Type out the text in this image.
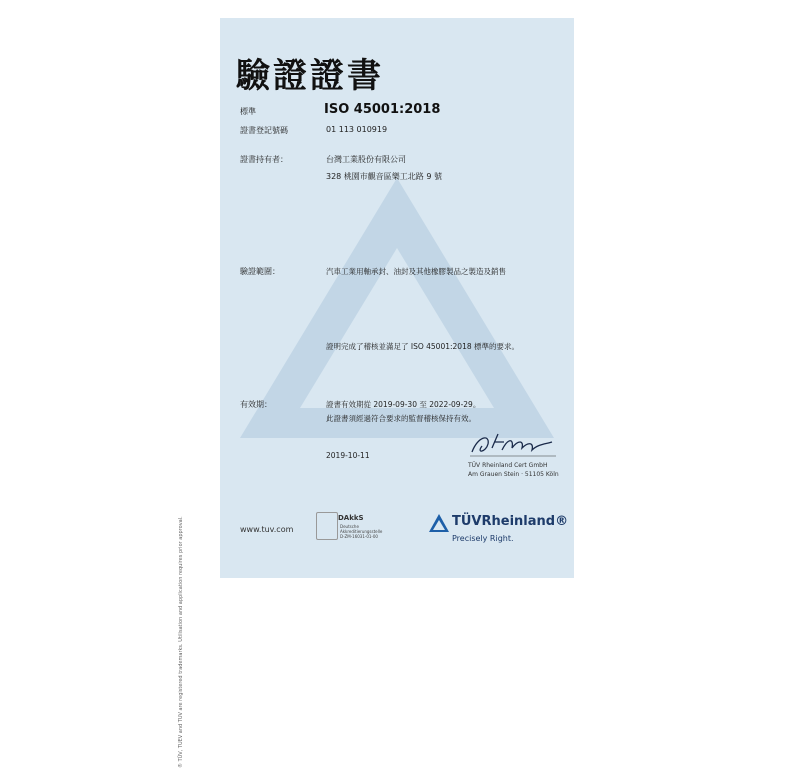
® TÜV, TUEV and TUV are registered trademarks. Utilisation and application requires prior approval.
驗證證書
標準	ISO 45001:2018
證書登記號碼	01 113 010919
證書持有者：	台灣工業股份有限公司
328 桃園市觀音區樂工北路 9 號
驗證範圍：	汽車工業用軸承封、油封及其他橡膠製品之製造及銷售
證明完成了稽核並滿足了 ISO 45001:2018 標準的要求。
有效期：	證書有效期從 2019-09-30 至 2022-09-29。
此證書須經過符合要求的監督稽核保持有效。
2019-10-11
TÜV Rheinland Cert GmbH
Am Grauen Stein · 51105 Köln
www.tuv.com
DAkkS
Deutsche
Akkreditierungsstelle
D-ZM-16031-01-00
TÜVRheinland®
Precisely Right.
